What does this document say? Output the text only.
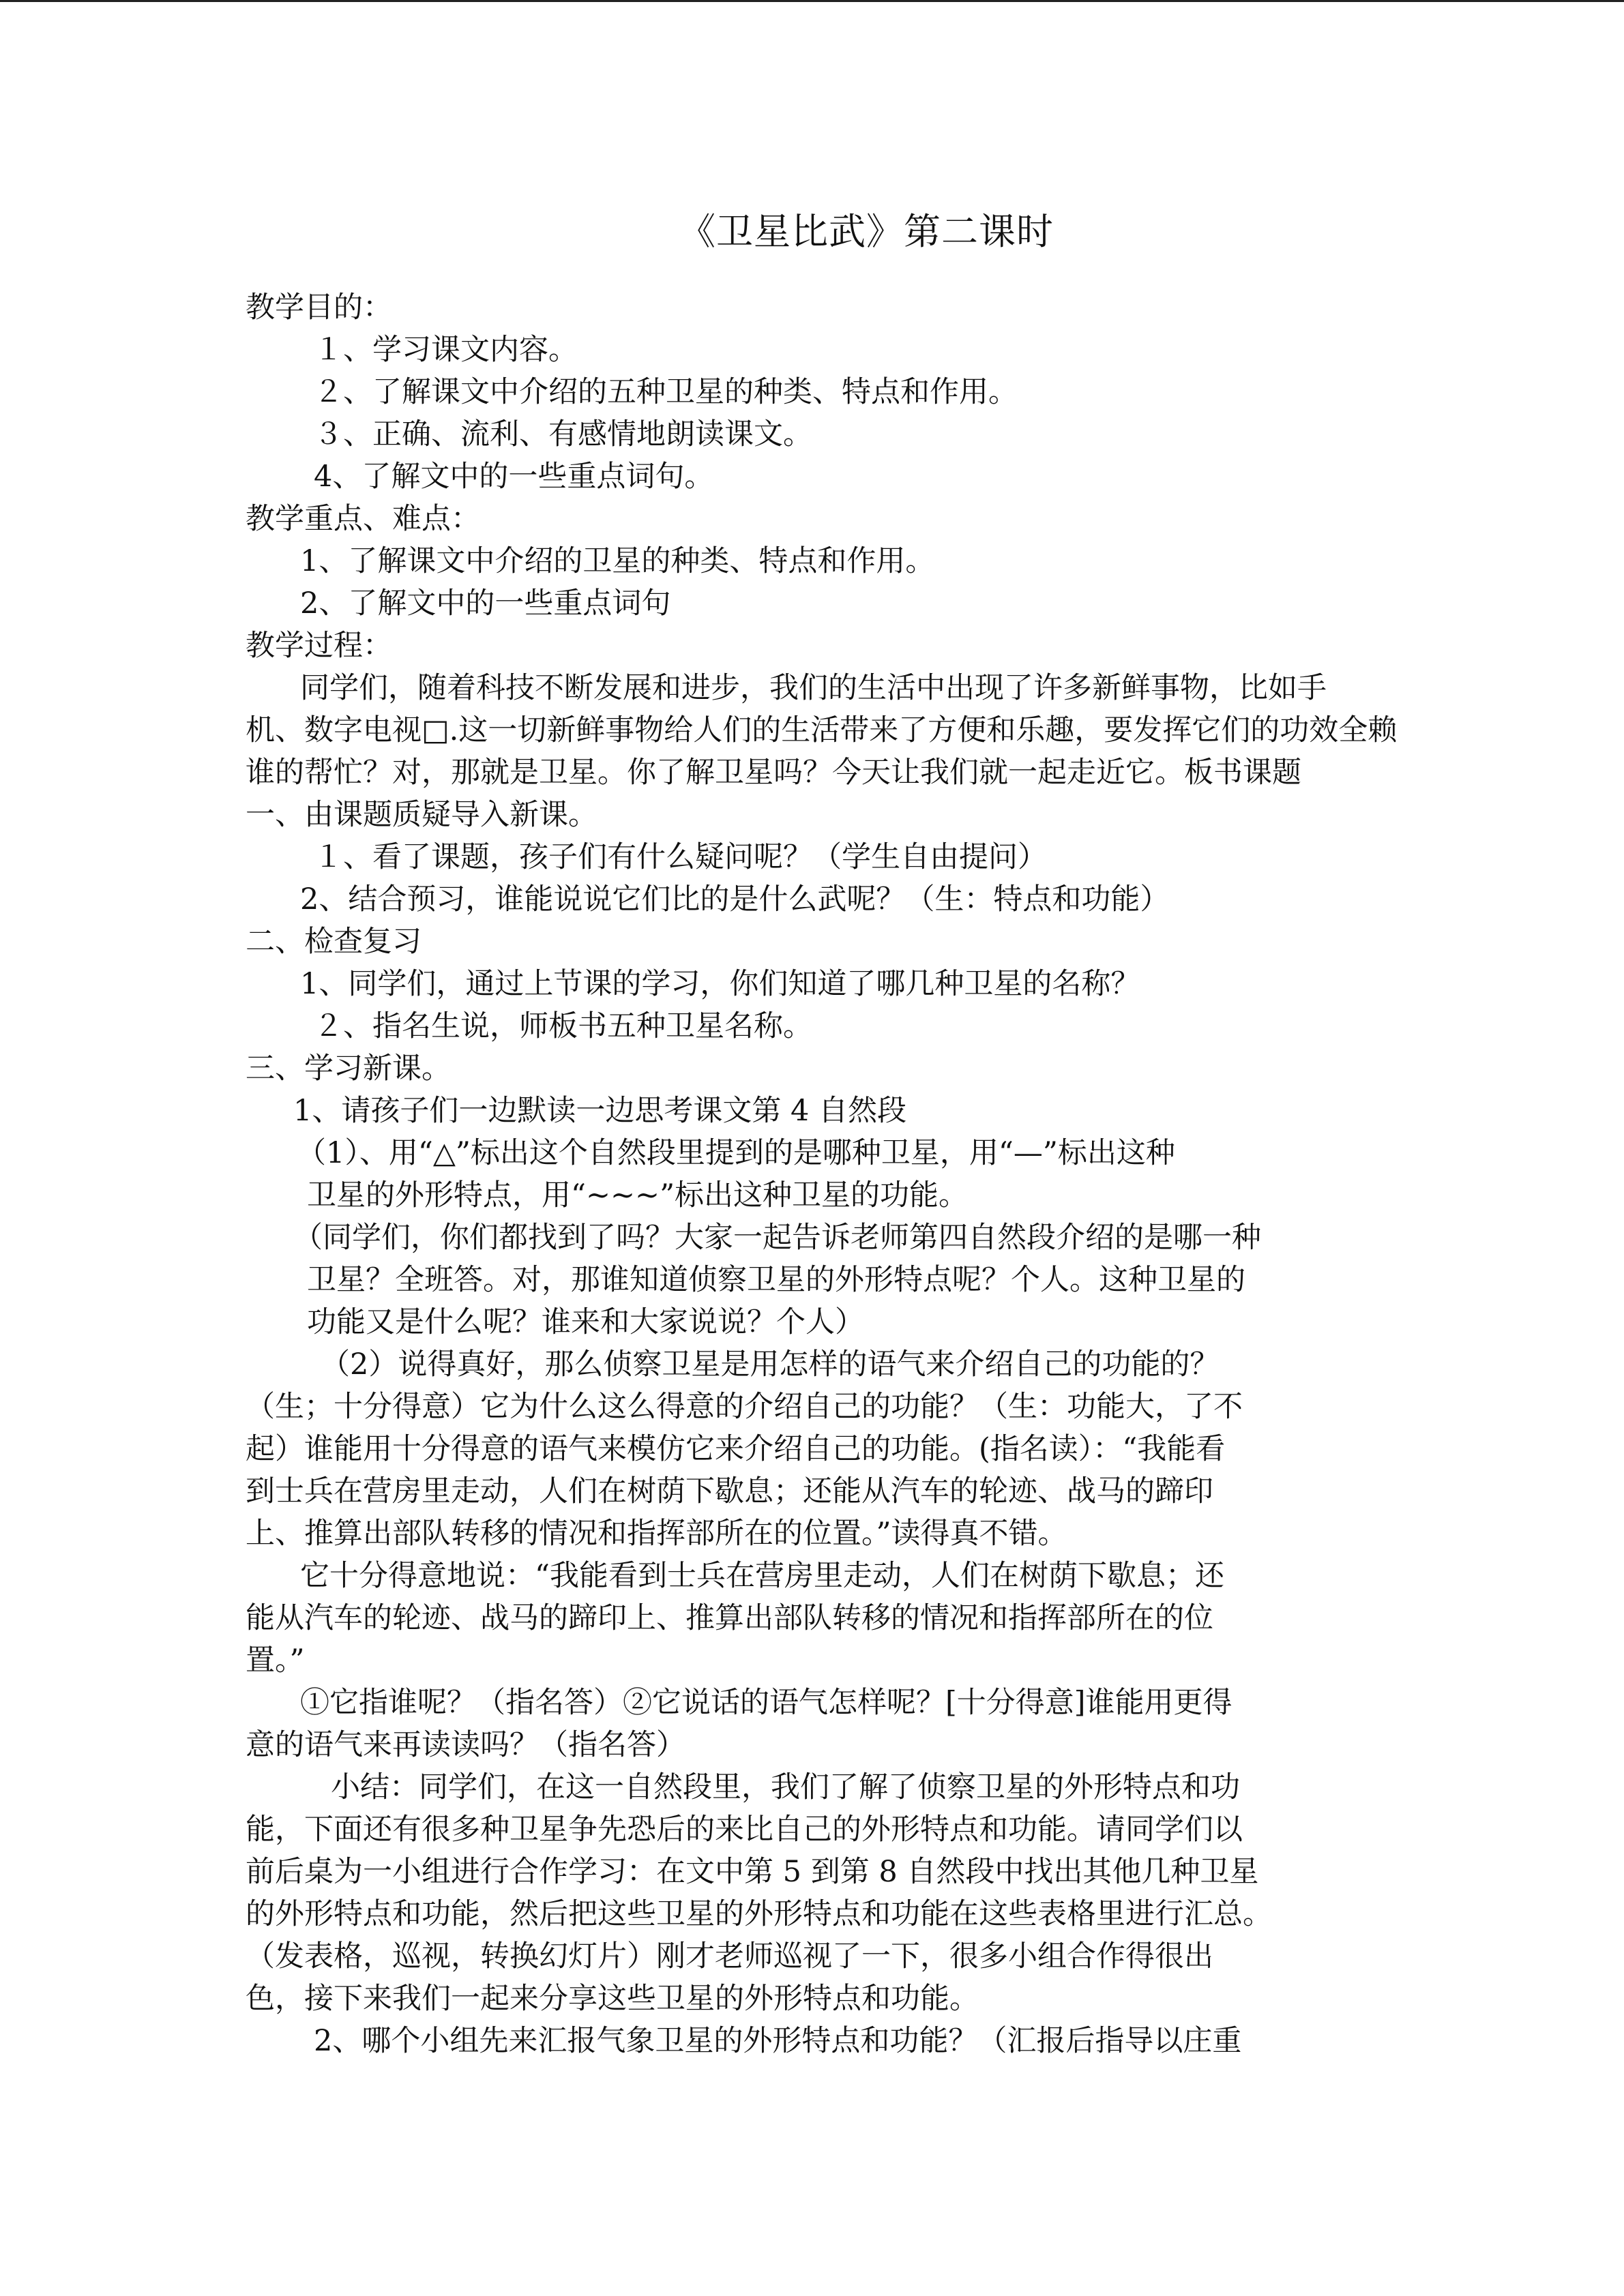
《卫星比武》第二课时

教学目的：

１、学习课文内容。

２、了解课文中介绍的五种卫星的种类、特点和作用。

３、正确、流利、有感情地朗读课文。

4、了解文中的一些重点词句。

教学重点、难点：

1、了解课文中介绍的卫星的种类、特点和作用。

2、了解文中的一些重点词句

教学过程：

同学们，随着科技不断发展和进步，我们的生活中出现了许多新鲜事物，比如手

机、数字电视□.这一切新鲜事物给人们的生活带来了方便和乐趣，要发挥它们的功效全赖

谁的帮忙？对，那就是卫星。你了解卫星吗？今天让我们就一起走近它。板书课题

一、由课题质疑导入新课。

１、看了课题，孩子们有什么疑问呢？（学生自由提问）

2、结合预习，谁能说说它们比的是什么武呢？（生：特点和功能）

二、检查复习

1、同学们，通过上节课的学习，你们知道了哪几种卫星的名称？

２、指名生说，师板书五种卫星名称。

三、学习新课。

1、请孩子们一边默读一边思考课文第 4 自然段

（1）、用“△”标出这个自然段里提到的是哪种卫星，用“—”标出这种

卫星的外形特点，用“~~~”标出这种卫星的功能。

（同学们，你们都找到了吗？大家一起告诉老师第四自然段介绍的是哪一种

卫星？全班答。对，那谁知道侦察卫星的外形特点呢？个人。这种卫星的

功能又是什么呢？谁来和大家说说？个人）

（2）说得真好，那么侦察卫星是用怎样的语气来介绍自己的功能的？

（生；十分得意）它为什么这么得意的介绍自己的功能？（生：功能大，了不

起）谁能用十分得意的语气来模仿它来介绍自己的功能。(指名读）：“我能看

到士兵在营房里走动，人们在树荫下歇息；还能从汽车的轮迹、战马的蹄印

上、推算出部队转移的情况和指挥部所在的位置。”读得真不错。

它十分得意地说：“我能看到士兵在营房里走动，人们在树荫下歇息；还

能从汽车的轮迹、战马的蹄印上、推算出部队转移的情况和指挥部所在的位

置。”

①它指谁呢？（指名答）②它说话的语气怎样呢？[十分得意]谁能用更得

意的语气来再读读吗？（指名答）

小结：同学们，在这一自然段里，我们了解了侦察卫星的外形特点和功

能，下面还有很多种卫星争先恐后的来比自己的外形特点和功能。请同学们以

前后桌为一小组进行合作学习：在文中第 5 到第 8 自然段中找出其他几种卫星

的外形特点和功能，然后把这些卫星的外形特点和功能在这些表格里进行汇总。

（发表格，巡视，转换幻灯片）刚才老师巡视了一下，很多小组合作得很出

色，接下来我们一起来分享这些卫星的外形特点和功能。

2、哪个小组先来汇报气象卫星的外形特点和功能？（汇报后指导以庄重
